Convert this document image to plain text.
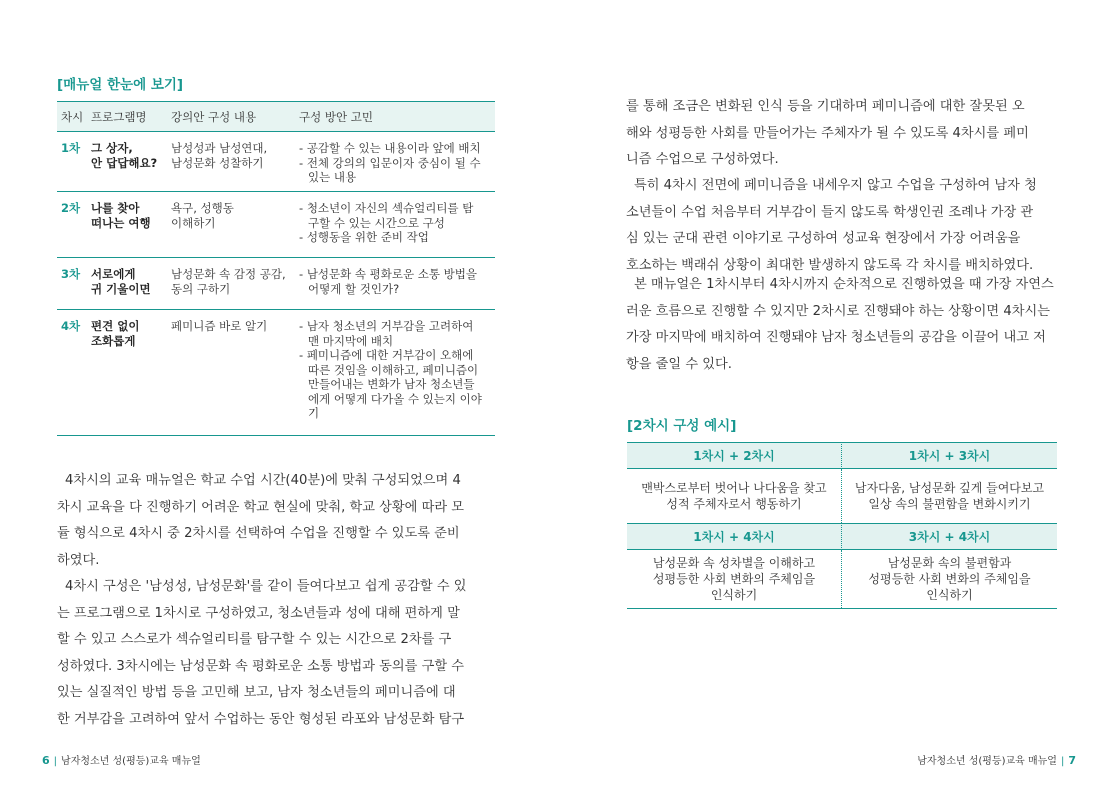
[매뉴얼 한눈에 보기]
차시 프로그램명	강의안 구성 내용	구성 방안 고민
1차 그 상자,
안 답답해요?
남성성과 남성연대,
남성문화 성찰하기
- 공감할 수 있는 내용이라 앞에 배치
- 전체 강의의 입문이자 중심이 될 수
있는 내용
2차 나를 찾아
떠나는 여행
욕구, 성행동
이해하기
- 청소년이 자신의 섹슈얼리티를 탐
구할 수 있는 시간으로 구성
- 성행동을 위한 준비 작업
3차 서로에게
귀 기울이면
남성문화 속 감정 공감,
동의 구하기
- 남성문화 속 평화로운 소통 방법을
어떻게 할 것인가?
4차 편견 없이
조화롭게
페미니즘 바로 알기
-	남자 청소년의 거부감을 고려하여
맨 마지막에 배치
- 페미니즘에 대한 거부감이 오해에
따른 것임을 이해하고, 페미니즘이
만들어내는 변화가 남자 청소년들
에게 어떻게 다가올 수 있는지 이야
기

4차시의 교육 매뉴얼은 학교 수업 시간(40분)에 맞춰 구성되었으며 4
차시 교육을 다 진행하기 어려운 학교 현실에 맞춰, 학교 상황에 따라 모
듈 형식으로 4차시 중 2차시를 선택하여 수업을 진행할 수 있도록 준비
하였다.

4차시 구성은 '남성성, 남성문화'를 같이 들여다보고 쉽게 공감할 수 있
는 프로그램으로 1차시로 구성하였고, 청소년들과 성에 대해 편하게 말
할 수 있고 스스로가 섹슈얼리티를 탐구할 수 있는 시간으로 2차를 구
성하였다. 3차시에는 남성문화 속 평화로운 소통 방법과 동의를 구할 수
있는 실질적인 방법 등을 고민해 보고, 남자 청소년들의 페미니즘에 대
한 거부감을 고려하여 앞서 수업하는 동안 형성된 라포와 남성문화 탐구

를 통해 조금은 변화된 인식 등을 기대하며 페미니즘에 대한 잘못된 오
해와 성평등한 사회를 만들어가는 주체자가 될 수 있도록 4차시를 페미
니즘 수업으로 구성하였다.

특히 4차시 전면에 페미니즘을 내세우지 않고 수업을 구성하여 남자 청
소년들이 수업 처음부터 거부감이 들지 않도록 학생인권 조례나 가장 관
심 있는 군대 관련 이야기로 구성하여 성교육 현장에서 가장 어려움을
호소하는 백래쉬 상황이 최대한 발생하지 않도록 각 차시를 배치하였다.

본 매뉴얼은 1차시부터 4차시까지 순차적으로 진행하였을 때 가장 자연스
러운 흐름으로 진행할 수 있지만 2차시로 진행돼야 하는 상황이면 4차시는
가장 마지막에 배치하여 진행돼야 남자 청소년들의 공감을 이끌어 내고 저
항을 줄일 수 있다.

[2차시 구성 예시]
1차시 + 2차시	1차시 + 3차시
맨박스로부터 벗어나 나다움을 찾고
성적 주체자로서 행동하기
남자다움, 남성문화 깊게 들여다보고
일상 속의 불편함을 변화시키기
1차시 + 4차시	3차시 + 4차시
남성문화 속 성차별을 이해하고
성평등한 사회 변화의 주체임을
인식하기
남성문화 속의 불편함과
성평등한 사회 변화의 주체임을
인식하기
6 | 남자청소년 성(평등)교육 매뉴얼	남자청소년 성(평등)교육 매뉴얼 | 7
